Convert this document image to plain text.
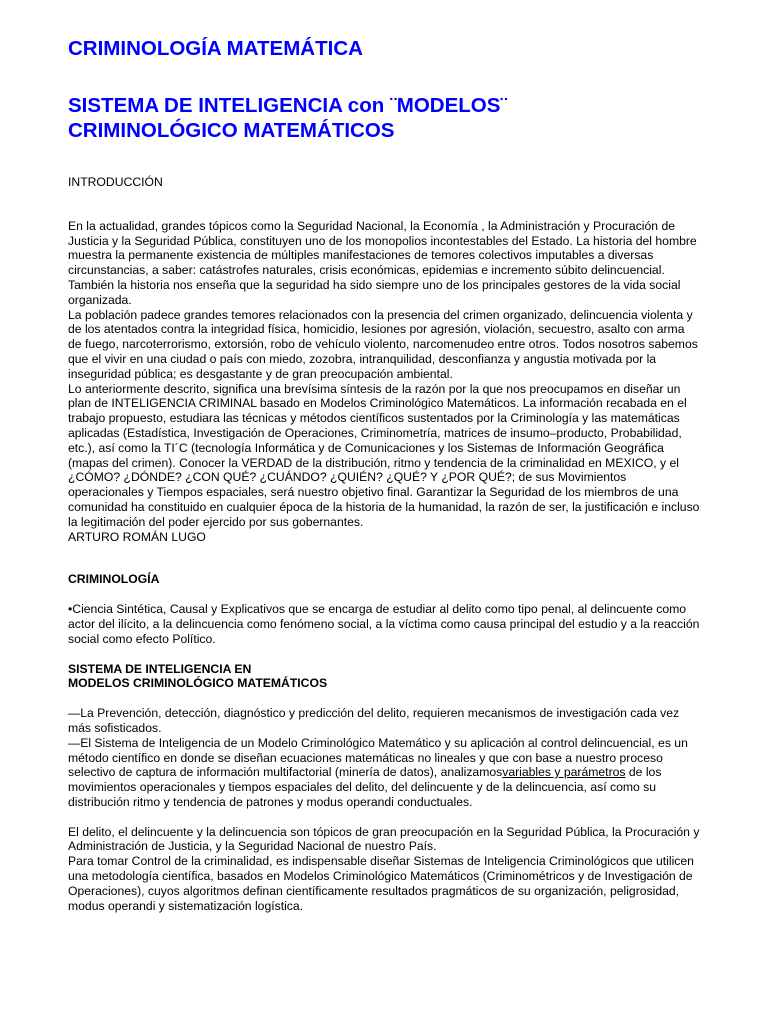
CRIMINOLOGÍA MATEMÁTICA
SISTEMA DE INTELIGENCIA con ¨MODELOS¨
CRIMINOLÓGICO MATEMÁTICOS

INTRODUCCIÓN

En la actualidad, grandes tópicos como la Seguridad Nacional, la Economía , la Administración y Procuración de Justicia y la Seguridad Pública, constituyen uno de los monopolios incontestables del Estado. La historia del hombre muestra la permanente existencia de múltiples manifestaciones de temores colectivos imputables a diversas circunstancias, a saber: catástrofes naturales, crisis económicas, epidemias e incremento súbito delincuencial. También la historia nos enseña que la seguridad ha sido siempre uno de los principales gestores de la vida social organizada.

La población padece grandes temores relacionados con la presencia del crimen organizado, delincuencia violenta y de los atentados contra la integridad física, homicidio, lesiones por agresión, violación, secuestro, asalto con arma de fuego, narcoterrorismo, extorsión, robo de vehículo violento, narcomenudeo entre otros. Todos nosotros sabemos que el vivir en una ciudad o país con miedo, zozobra, intranquilidad, desconfianza y angustia motivada por la inseguridad pública; es desgastante y de gran preocupación ambiental.

Lo anteriormente descrito, significa una brevísima síntesis de la razón por la que nos preocupamos en diseñar un plan de INTELIGENCIA CRIMINAL basado en Modelos Criminológico Matemáticos. La información recabada en el trabajo propuesto, estudiara las técnicas y métodos científicos sustentados por la Criminología y las matemáticas aplicadas (Estadística, Investigación de Operaciones, Criminometría, matrices de insumo–producto, Probabilidad, etc.), así como la TI´C (tecnología Informática y de Comunicaciones y los Sistemas de Información Geográfica (mapas del crimen). Conocer la VERDAD de la distribución, ritmo y tendencia de la criminalidad en MEXICO, y el ¿CÓMO? ¿DÓNDE? ¿CON QUÉ? ¿CUÁNDO? ¿QUIÉN? ¿QUÉ? Y ¿POR QUÉ?; de sus Movimientos operacionales y Tiempos espaciales, será nuestro objetivo final. Garantizar la Seguridad de los miembros de una comunidad ha constituido en cualquier época de la historia de la humanidad, la razón de ser, la justificación e incluso la legitimación del poder ejercido por sus gobernantes.

ARTURO ROMÁN LUGO

CRIMINOLOGÍA

•Ciencia Sintética, Causal y Explicativos que se encarga de estudiar al delito como tipo penal, al delincuente como actor del ilícito, a la delincuencia como fenómeno social, a la víctima como causa principal del estudio y a la reacción social como efecto Político.

SISTEMA DE INTELIGENCIA EN
MODELOS CRIMINOLÓGICO MATEMÁTICOS

—La Prevención, detección, diagnóstico y predicción del delito, requieren mecanismos de investigación cada vez más sofisticados.

—El Sistema de Inteligencia de un Modelo Criminológico Matemático y su aplicación al control delincuencial, es un método científico en donde se diseñan ecuaciones matemáticas no lineales y que con base a nuestro proceso selectivo de captura de información multifactorial (minería de datos), analizamosvariables y parámetros de los movimientos operacionales y tiempos espaciales del delito, del delincuente y de la delincuencia, así como su distribución ritmo y tendencia de patrones y modus operandi conductuales.

El delito, el delincuente y la delincuencia son tópicos de gran preocupación en la Seguridad Pública, la Procuración y Administración de Justicia, y la Seguridad Nacional de nuestro País.

Para tomar Control de la criminalidad, es indispensable diseñar Sistemas de Inteligencia Criminológicos que utilicen una metodología científica, basados en Modelos Criminológico Matemáticos (Criminométricos y de Investigación de Operaciones), cuyos algoritmos definan científicamente resultados pragmáticos de su organización, peligrosidad, modus operandi y sistematización logística.
